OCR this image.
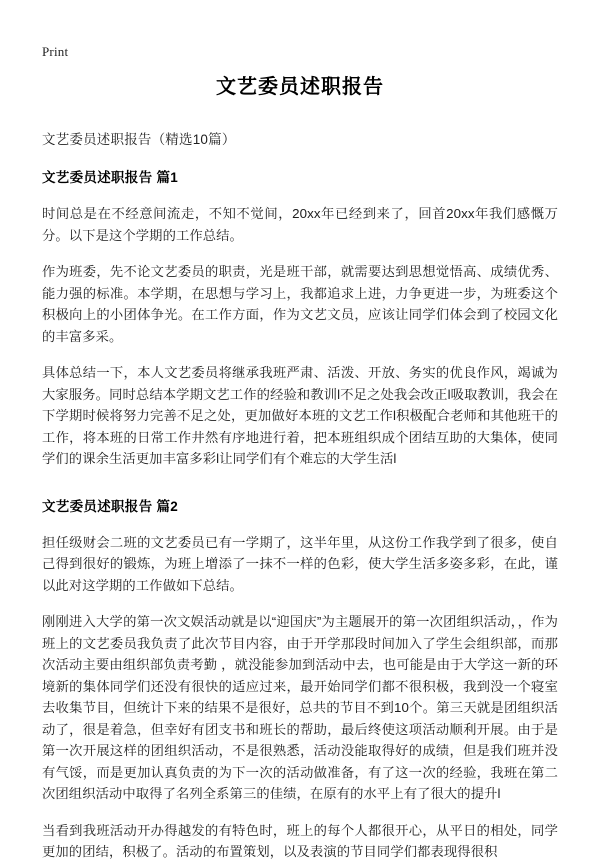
Print
文艺委员述职报告

文艺委员述职报告（精选10篇）

文艺委员述职报告 篇1

时间总是在不经意间流走，不知不觉间，20xx年已经到来了，回首20xx年我们感慨万分。以下是这个学期的工作总结。

作为班委，先不论文艺委员的职责，光是班干部，就需要达到思想觉悟高、成绩优秀、能力强的标准。本学期，在思想与学习上，我都追求上进，力争更进一步，为班委这个积极向上的小团体争光。在工作方面，作为文艺文员，应该让同学们体会到了校园文化的丰富多采。

具体总结一下，本人文艺委员将继承我班严肃、活泼、开放、务实的优良作风，竭诚为大家服务。同时总结本学期文艺工作的经验和教训l不足之处我会改正l吸取教训，我会在下学期时候将努力完善不足之处，更加做好本班的文艺工作l积极配合老师和其他班干的工作，将本班的日常工作井然有序地进行着，把本班组织成个团结互助的大集体，使同学们的课余生活更加丰富多彩l让同学们有个难忘的大学生活l

文艺委员述职报告 篇2

担任级财会二班的文艺委员已有一学期了，这半年里，从这份工作我学到了很多，使自己得到很好的锻炼，为班上增添了一抹不一样的色彩，使大学生活多姿多彩，在此，谨以此对这学期的工作做如下总结。

刚刚进入大学的第一次文娱活动就是以“迎国庆”为主题展开的第一次团组织活动，，作为班上的文艺委员我负责了此次节目内容，由于开学那段时间加入了学生会组织部，而那次活动主要由组织部负责考勤 ，就没能参加到活动中去，也可能是由于大学这一新的环境新的集体同学们还没有很快的适应过来，最开始同学们都不很积极，我到没一个寝室去收集节目，但统计下来的结果不是很好，总共的节目不到10个。第三天就是团组织活动了，很是着急，但幸好有团支书和班长的帮助，最后终使这项活动顺利开展。由于是第一次开展这样的团组织活动，不是很熟悉，活动没能取得好的成绩，但是我们班并没有气馁，而是更加认真负责的为下一次的活动做准备，有了这一次的经验，我班在第二次团组织活动中取得了名列全系第三的佳绩，在原有的水平上有了很大的提升l

当看到我班活动开办得越发的有特色时，班上的每个人都很开心，从平日的相处，同学更加的团结，积极了。活动的布置策划，以及表演的节目同学们都表现得很积
